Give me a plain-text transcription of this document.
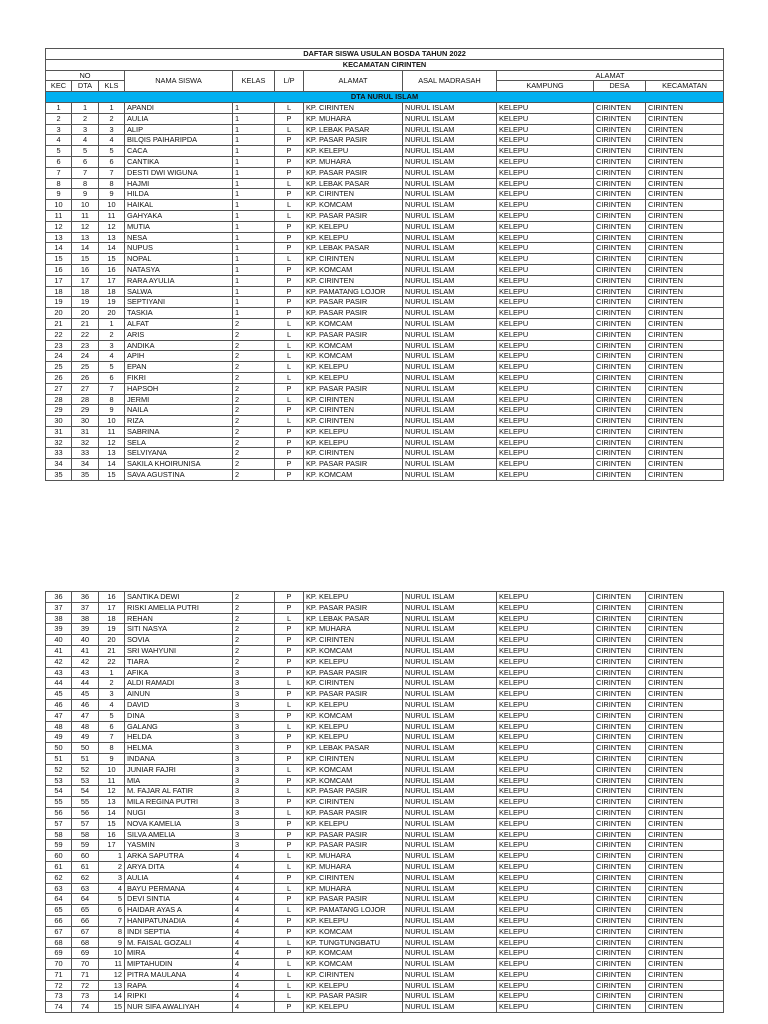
DAFTAR SISWA USULAN BOSDA TAHUN 2022										
KECAMATAN CIRINTEN										
NO			NAMA SISWA	KELAS	L/P	ALAMAT	ASAL MADRASAH	ALAMAT		
KEC	DTA	KLS						KAMPUNG	DESA	KECAMATAN
DTA NURUL ISLAM										
1	1	1	APANDI	1	L	KP. CIRINTEN	NURUL ISLAM	KELEPU	CIRINTEN	CIRINTEN
2	2	2	AULIA	1	P	KP. MUHARA	NURUL ISLAM	KELEPU	CIRINTEN	CIRINTEN
3	3	3	ALIP	1	L	KP. LEBAK PASAR	NURUL ISLAM	KELEPU	CIRINTEN	CIRINTEN
4	4	4	BILQIS PAIHARIPDA	1	P	KP. PASAR PASIR	NURUL ISLAM	KELEPU	CIRINTEN	CIRINTEN
5	5	5	CACA	1	P	KP. KELEPU	NURUL ISLAM	KELEPU	CIRINTEN	CIRINTEN
6	6	6	CANTIKA	1	P	KP. MUHARA	NURUL ISLAM	KELEPU	CIRINTEN	CIRINTEN
7	7	7	DESTI DWI WIGUNA	1	P	KP. PASAR PASIR	NURUL ISLAM	KELEPU	CIRINTEN	CIRINTEN
8	8	8	HAJMI	1	L	KP. LEBAK PASAR	NURUL ISLAM	KELEPU	CIRINTEN	CIRINTEN
9	9	9	HILDA	1	P	KP. CIRINTEN	NURUL ISLAM	KELEPU	CIRINTEN	CIRINTEN
10	10	10	HAIKAL	1	L	KP. KOMCAM	NURUL ISLAM	KELEPU	CIRINTEN	CIRINTEN
11	11	11	GAHYAKA	1	L	KP. PASAR PASIR	NURUL ISLAM	KELEPU	CIRINTEN	CIRINTEN
12	12	12	MUTIA	1	P	KP. KELEPU	NURUL ISLAM	KELEPU	CIRINTEN	CIRINTEN
13	13	13	NESA	1	P	KP. KELEPU	NURUL ISLAM	KELEPU	CIRINTEN	CIRINTEN
14	14	14	NUPUS	1	P	KP. LEBAK PASAR	NURUL ISLAM	KELEPU	CIRINTEN	CIRINTEN
15	15	15	NOPAL	1	L	KP. CIRINTEN	NURUL ISLAM	KELEPU	CIRINTEN	CIRINTEN
16	16	16	NATASYA	1	P	KP. KOMCAM	NURUL ISLAM	KELEPU	CIRINTEN	CIRINTEN
17	17	17	RARA AYULIA	1	P	KP. CIRINTEN	NURUL ISLAM	KELEPU	CIRINTEN	CIRINTEN
18	18	18	SALWA	1	P	KP. PAMATANG LOJOR	NURUL ISLAM	KELEPU	CIRINTEN	CIRINTEN
19	19	19	SEPTIYANI	1	P	KP. PASAR PASIR	NURUL ISLAM	KELEPU	CIRINTEN	CIRINTEN
20	20	20	TASKIA	1	P	KP. PASAR PASIR	NURUL ISLAM	KELEPU	CIRINTEN	CIRINTEN
21	21	1	ALFAT	2	L	KP. KOMCAM	NURUL ISLAM	KELEPU	CIRINTEN	CIRINTEN
22	22	2	ARIS	2	L	KP. PASAR PASIR	NURUL ISLAM	KELEPU	CIRINTEN	CIRINTEN
23	23	3	ANDIKA	2	L	KP. KOMCAM	NURUL ISLAM	KELEPU	CIRINTEN	CIRINTEN
24	24	4	APIH	2	L	KP. KOMCAM	NURUL ISLAM	KELEPU	CIRINTEN	CIRINTEN
25	25	5	EPAN	2	L	KP. KELEPU	NURUL ISLAM	KELEPU	CIRINTEN	CIRINTEN
26	26	6	FIKRI	2	L	KP. KELEPU	NURUL ISLAM	KELEPU	CIRINTEN	CIRINTEN
27	27	7	HAPSOH	2	P	KP. PASAR PASIR	NURUL ISLAM	KELEPU	CIRINTEN	CIRINTEN
28	28	8	JERMI	2	L	KP. CIRINTEN	NURUL ISLAM	KELEPU	CIRINTEN	CIRINTEN
29	29	9	NAILA	2	P	KP. CIRINTEN	NURUL ISLAM	KELEPU	CIRINTEN	CIRINTEN
30	30	10	RIZA	2	L	KP. CIRINTEN	NURUL ISLAM	KELEPU	CIRINTEN	CIRINTEN
31	31	11	SABRINA	2	P	KP. KELEPU	NURUL ISLAM	KELEPU	CIRINTEN	CIRINTEN
32	32	12	SELA	2	P	KP. KELEPU	NURUL ISLAM	KELEPU	CIRINTEN	CIRINTEN
33	33	13	SELVIYANA	2	P	KP. CIRINTEN	NURUL ISLAM	KELEPU	CIRINTEN	CIRINTEN
34	34	14	SAKILA KHOIRUNISA	2	P	KP. PASAR PASIR	NURUL ISLAM	KELEPU	CIRINTEN	CIRINTEN
35	35	15	SAVA AGUSTINA	2	P	KP. KOMCAM	NURUL ISLAM	KELEPU	CIRINTEN	CIRINTEN
36	36	16	SANTIKA DEWI	2	P	KP. KELEPU	NURUL ISLAM	KELEPU	CIRINTEN	CIRINTEN
37	37	17	RISKI AMELIA PUTRI	2	P	KP. PASAR PASIR	NURUL ISLAM	KELEPU	CIRINTEN	CIRINTEN
38	38	18	REHAN	2	L	KP. LEBAK PASAR	NURUL ISLAM	KELEPU	CIRINTEN	CIRINTEN
39	39	19	SITI NASYA	2	P	KP. MUHARA	NURUL ISLAM	KELEPU	CIRINTEN	CIRINTEN
40	40	20	SOVIA	2	P	KP. CIRINTEN	NURUL ISLAM	KELEPU	CIRINTEN	CIRINTEN
41	41	21	SRI WAHYUNI	2	P	KP. KOMCAM	NURUL ISLAM	KELEPU	CIRINTEN	CIRINTEN
42	42	22	TIARA	2	P	KP. KELEPU	NURUL ISLAM	KELEPU	CIRINTEN	CIRINTEN
43	43	1	AFIKA	3	P	KP. PASAR PASIR	NURUL ISLAM	KELEPU	CIRINTEN	CIRINTEN
44	44	2	ALDI RAMADI	3	L	KP. CIRINTEN	NURUL ISLAM	KELEPU	CIRINTEN	CIRINTEN
45	45	3	AINUN	3	P	KP. PASAR PASIR	NURUL ISLAM	KELEPU	CIRINTEN	CIRINTEN
46	46	4	DAVID	3	L	KP. KELEPU	NURUL ISLAM	KELEPU	CIRINTEN	CIRINTEN
47	47	5	DINA	3	P	KP. KOMCAM	NURUL ISLAM	KELEPU	CIRINTEN	CIRINTEN
48	48	6	GALANG	3	L	KP. KELEPU	NURUL ISLAM	KELEPU	CIRINTEN	CIRINTEN
49	49	7	HELDA	3	P	KP. KELEPU	NURUL ISLAM	KELEPU	CIRINTEN	CIRINTEN
50	50	8	HELMA	3	P	KP. LEBAK PASAR	NURUL ISLAM	KELEPU	CIRINTEN	CIRINTEN
51	51	9	INDANA	3	P	KP. CIRINTEN	NURUL ISLAM	KELEPU	CIRINTEN	CIRINTEN
52	52	10	JUNIAR FAJRI	3	L	KP. KOMCAM	NURUL ISLAM	KELEPU	CIRINTEN	CIRINTEN
53	53	11	MIA	3	P	KP. KOMCAM	NURUL ISLAM	KELEPU	CIRINTEN	CIRINTEN
54	54	12	M. FAJAR AL FATIR	3	L	KP. PASAR PASIR	NURUL ISLAM	KELEPU	CIRINTEN	CIRINTEN
55	55	13	MILA REGINA PUTRI	3	P	KP. CIRINTEN	NURUL ISLAM	KELEPU	CIRINTEN	CIRINTEN
56	56	14	NUGI	3	L	KP. PASAR PASIR	NURUL ISLAM	KELEPU	CIRINTEN	CIRINTEN
57	57	15	NOVA KAMELIA	3	P	KP. KELEPU	NURUL ISLAM	KELEPU	CIRINTEN	CIRINTEN
58	58	16	SILVA AMELIA	3	P	KP. PASAR PASIR	NURUL ISLAM	KELEPU	CIRINTEN	CIRINTEN
59	59	17	YASMIN	3	P	KP. PASAR PASIR	NURUL ISLAM	KELEPU	CIRINTEN	CIRINTEN
60	60	1	ARKA SAPUTRA	4	L	KP. MUHARA	NURUL ISLAM	KELEPU	CIRINTEN	CIRINTEN
61	61	2	ARYA DITA	4	L	KP. MUHARA	NURUL ISLAM	KELEPU	CIRINTEN	CIRINTEN
62	62	3	AULIA	4	P	KP. CIRINTEN	NURUL ISLAM	KELEPU	CIRINTEN	CIRINTEN
63	63	4	BAYU PERMANA	4	L	KP. MUHARA	NURUL ISLAM	KELEPU	CIRINTEN	CIRINTEN
64	64	5	DEVI SINTIA	4	P	KP. PASAR PASIR	NURUL ISLAM	KELEPU	CIRINTEN	CIRINTEN
65	65	6	HAIDAR AYAS A	4	L	KP. PAMATANG LOJOR	NURUL ISLAM	KELEPU	CIRINTEN	CIRINTEN
66	66	7	HANIPATUNADIA	4	P	KP. KELEPU	NURUL ISLAM	KELEPU	CIRINTEN	CIRINTEN
67	67	8	INDI SEPTIA	4	P	KP. KOMCAM	NURUL ISLAM	KELEPU	CIRINTEN	CIRINTEN
68	68	9	M. FAISAL GOZALI	4	L	KP. TUNGTUNGBATU	NURUL ISLAM	KELEPU	CIRINTEN	CIRINTEN
69	69	10	MIRA	4	P	KP. KOMCAM	NURUL ISLAM	KELEPU	CIRINTEN	CIRINTEN
70	70	11	MIPTAHUDIN	4	L	KP. KOMCAM	NURUL ISLAM	KELEPU	CIRINTEN	CIRINTEN
71	71	12	PITRA MAULANA	4	L	KP. CIRINTEN	NURUL ISLAM	KELEPU	CIRINTEN	CIRINTEN
72	72	13	RAPA	4	L	KP. KELEPU	NURUL ISLAM	KELEPU	CIRINTEN	CIRINTEN
73	73	14	RIPKI	4	L	KP. PASAR PASIR	NURUL ISLAM	KELEPU	CIRINTEN	CIRINTEN
74	74	15	NUR SIFA AWALIYAH	4	P	KP. KELEPU	NURUL ISLAM	KELEPU	CIRINTEN	CIRINTEN
